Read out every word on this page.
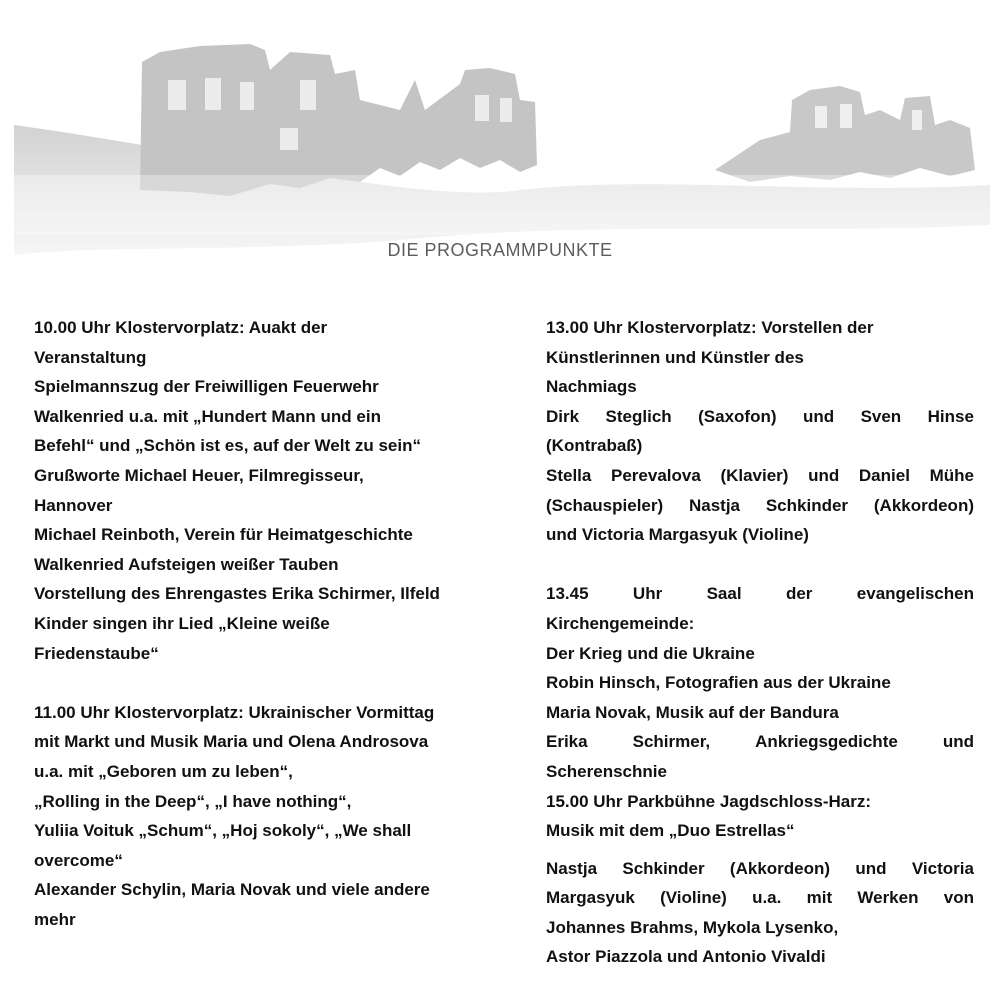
DIE PROGRAMMPUNKTE
10.00 Uhr Klostervorplatz: Auakt der
Veranstaltung
Spielmannszug der Freiwilligen Feuerwehr
Walkenried u.a. mit „Hundert Mann und ein
Befehl“ und „Schön ist es, auf der Welt zu sein“
Grußworte Michael Heuer, Filmregisseur,
Hannover
Michael Reinboth, Verein für Heimatgeschichte
Walkenried Aufsteigen weißer Tauben
Vorstellung des Ehrengastes Erika Schirmer, Ilfeld
Kinder singen ihr Lied „Kleine weiße
Friedenstaube“
11.00 Uhr Klostervorplatz: Ukrainischer Vormittag
mit Markt und Musik Maria und Olena Androsova
u.a. mit „Geboren um zu leben“,
„Rolling in the Deep“, „I have nothing“,
Yuliia Voituk „Schum“, „Hoj sokoly“, „We shall
overcome“
Alexander Schylin, Maria Novak und viele andere
mehr
13.00 Uhr Klostervorplatz: Vorstellen der
Künstlerinnen und Künstler des
Nachmiags
Dirk Steglich (Saxofon) und Sven Hinse
(Kontrabaß)
Stella Perevalova (Klavier) und Daniel Mühe
(Schauspieler) Nastja Schkinder (Akkordeon)
und Victoria Margasyuk (Violine)
13.45	Uhr	Saal	der	evangelischen
Kirchengemeinde:
Der Krieg und die Ukraine
Robin Hinsch, Fotografien aus der Ukraine
Maria Novak, Musik auf der Bandura
Erika	Schirmer,	Ankriegsgedichte	und
Scherenschnie
15.00 Uhr Parkbühne Jagdschloss-Harz:
Musik mit dem „Duo Estrellas“
Nastja Schkinder (Akkordeon) und Victoria
Margasyuk (Violine) u.a. mit Werken von
Johannes Brahms, Mykola Lysenko,
Astor Piazzola und Antonio Vivaldi
